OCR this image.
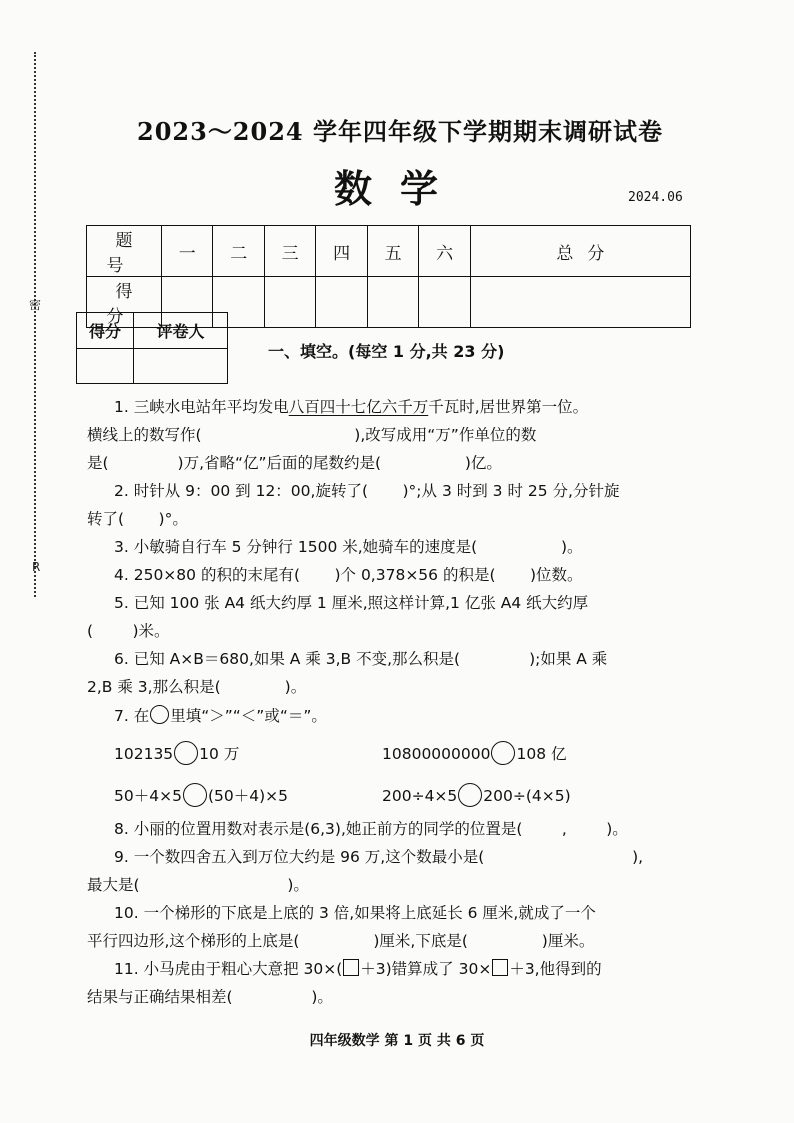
密
R
2023～2024 学年四年级下学期期末调研试卷
数学	2024.06
题号	一	二	三	四	五	六	总分
得分							
得分	评卷人

一、填空。(每空 1 分,共 23 分)
1. 三峡水电站年平均发电八百四十七亿六千万千瓦时,居世界第一位。
横线上的数写作(                               ),改写成用“万”作单位的数
是(              )万,省略“亿”后面的尾数约是(                 )亿。
2. 时针从 9：00 到 12：00,旋转了(       )°;从 3 时到 3 时 25 分,分针旋
转了(       )°。
3. 小敏骑自行车 5 分钟行 1500 米,她骑车的速度是(                 )。
4. 250×80 的积的末尾有(       )个 0,378×56 的积是(       )位数。
5. 已知 100 张 A4 纸大约厚 1 厘米,照这样计算,1 亿张 A4 纸大约厚
(        )米。
6. 已知 A×B＝680,如果 A 乘 3,B 不变,那么积是(              );如果 A 乘
2,B 乘 3,那么积是(             )。
7. 在 里填“＞”“＜”或“＝”。
102135 10 万	10800000000 108 亿
50＋4×5 (50＋4)×5	200÷4×5 200÷(4×5)
8. 小丽的位置用数对表示是(6,3),她正前方的同学的位置是(        ,        )。
9. 一个数四舍五入到万位大约是 96 万,这个数最小是(                              ),
最大是(                              )。
10. 一个梯形的下底是上底的 3 倍,如果将上底延长 6 厘米,就成了一个
平行四边形,这个梯形的上底是(               )厘米,下底是(               )厘米。
11. 小马虎由于粗心大意把 30×( ＋3)错算成了 30× ＋3,他得到的
结果与正确结果相差(                )。
四年级数学 第 1 页 共 6 页
